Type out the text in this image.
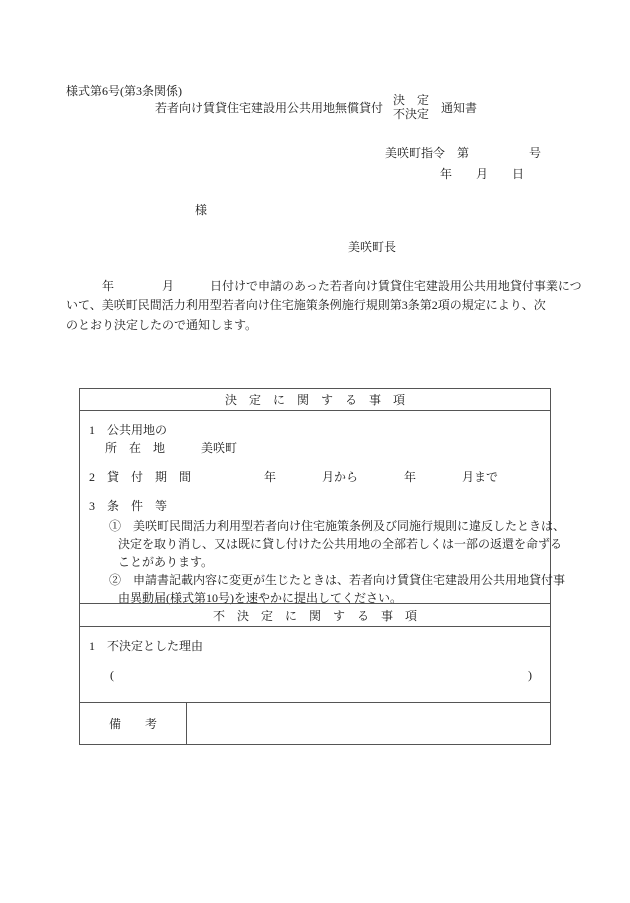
様式第6号(第3条関係)
若者向け賃貸住宅建設用公共用地無償貸付
決　定
不決定 通知書
美咲町指令　第　　　　　号
年　　月　　日
様
美咲町長
　　　年　　　　月　　　日付けで申請のあった若者向け賃貸住宅建設用公共用地貸付事業につ
いて、美咲町民間活力利用型若者向け住宅施策条例施行規則第3条第2項の規定により、次
のとおり決定したので通知します。
決　定　に　関　す　る　事　項
1 公共用地の
所　在　地	美咲町
2 貸　付　期　間	年	月から	年	月まで
3 条　件　等
①　美咲町民間活力利用型若者向け住宅施策条例及び同施行規則に違反したときは、
決定を取り消し、又は既に貸し付けた公共用地の全部若しくは一部の返還を命ずる
ことがあります。
②　申請書記載内容に変更が生じたときは、若者向け賃貸住宅建設用公共用地貸付事
由異動届(様式第10号)を速やかに提出してください。
不　決　定　に　関　す　る　事　項
1 不決定とした理由
(	)
備　　考
